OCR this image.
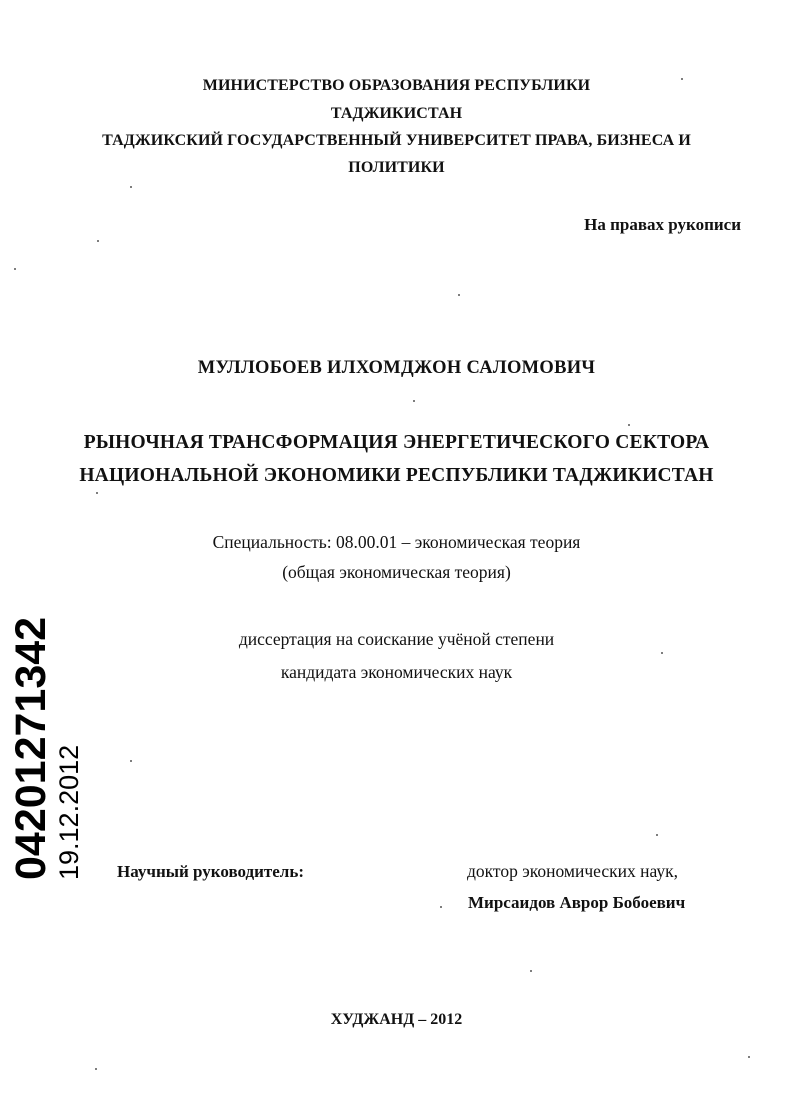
МИНИСТЕРСТВО ОБРАЗОВАНИЯ РЕСПУБЛИКИ
ТАДЖИКИСТАН
ТАДЖИКСКИЙ ГОСУДАРСТВЕННЫЙ УНИВЕРСИТЕТ ПРАВА, БИЗНЕСА И
ПОЛИТИКИ
На правах рукописи
МУЛЛОБОЕВ ИЛХОМДЖОН САЛОМОВИЧ
РЫНОЧНАЯ ТРАНСФОРМАЦИЯ ЭНЕРГЕТИЧЕСКОГО СЕКТОРА
НАЦИОНАЛЬНОЙ ЭКОНОМИКИ РЕСПУБЛИКИ ТАДЖИКИСТАН
Специальность: 08.00.01 – экономическая теория
(общая экономическая теория)
диссертация на соискание учёной степени
кандидата экономических наук
Научный руководитель:	доктор экономических наук,
Мирсаидов Аврор Бобоевич
ХУДЖАНД – 2012
04201271342 19.12.2012
